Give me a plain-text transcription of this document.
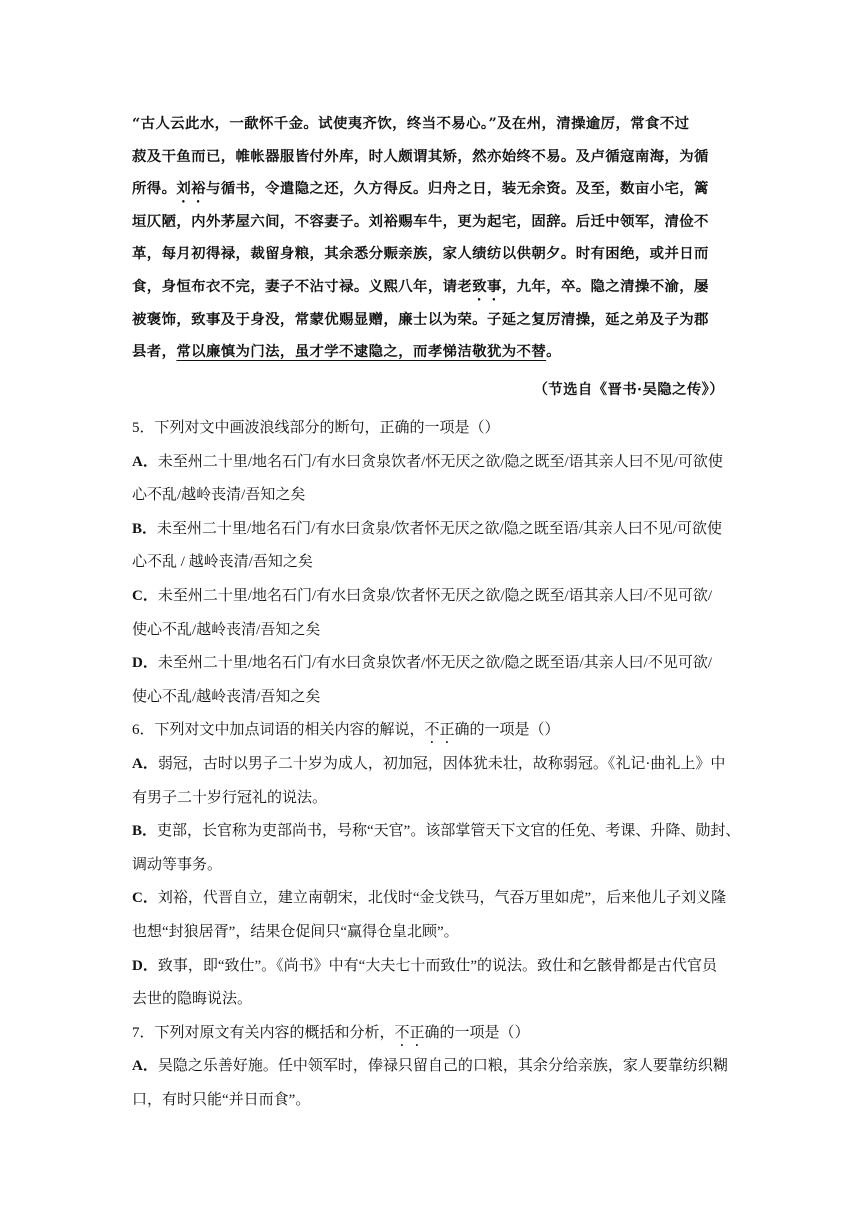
“古人云此水，一歃怀千金。试使夷齐饮，终当不易心。”及在州，清操逾厉，常食不过
菽及干鱼而已，帷帐器服皆付外库，时人颇谓其矫，然亦始终不易。及卢循寇南海，为循
所得。刘裕与循书，令遣隐之还，久方得反。归舟之日，装无余资。及至，数亩小宅，篱
垣仄陋，内外茅屋六间，不容妻子。刘裕赐车牛，更为起宅，固辞。后迁中领军，清俭不
革，每月初得禄，裁留身粮，其余悉分赈亲族，家人绩纺以供朝夕。时有困绝，或并日而
食，身恒布衣不完，妻子不沾寸禄。义熙八年，请老致事，九年，卒。隐之清操不渝，屡
被褒饰，致事及于身没，常蒙优赐显赠，廉士以为荣。子延之复厉清操，延之弟及子为郡
县者，常以廉慎为门法，虽才学不逮隐之，而孝悌洁敬犹为不替。
（节选自《晋书·吴隐之传》）
5．下列对文中画波浪线部分的断句，正确的一项是（）
A．未至州二十里/地名石门/有水曰贪泉饮者/怀无厌之欲/隐之既至/语其亲人曰不见/可欲使
心不乱/越岭丧清/吾知之矣
B．未至州二十里/地名石门/有水曰贪泉/饮者怀无厌之欲/隐之既至语/其亲人曰不见/可欲使
心不乱 / 越岭丧清/吾知之矣
C．未至州二十里/地名石门/有水曰贪泉/饮者怀无厌之欲/隐之既至/语其亲人曰/不见可欲/
使心不乱/越岭丧清/吾知之矣
D．未至州二十里/地名石门/有水曰贪泉饮者/怀无厌之欲/隐之既至语/其亲人曰/不见可欲/
使心不乱/越岭丧清/吾知之矣
6．下列对文中加点词语的相关内容的解说，不正确的一项是（）
A．弱冠，古时以男子二十岁为成人，初加冠，因体犹未壮，故称弱冠。《礼记·曲礼上》中
有男子二十岁行冠礼的说法。
B．吏部，长官称为吏部尚书，号称“天官”。该部掌管天下文官的任免、考课、升降、勋封、
调动等事务。
C．刘裕，代晋自立，建立南朝宋，北伐时“金戈铁马，气吞万里如虎”，后来他儿子刘义隆
也想“封狼居胥”，结果仓促间只“赢得仓皇北顾”。
D．致事，即“致仕”。《尚书》中有“大夫七十而致仕”的说法。致仕和乞骸骨都是古代官员
去世的隐晦说法。
7．下列对原文有关内容的概括和分析，不正确的一项是（）
A．吴隐之乐善好施。任中领军时，俸禄只留自己的口粮，其余分给亲族，家人要靠纺织糊
口，有时只能“并日而食”。
